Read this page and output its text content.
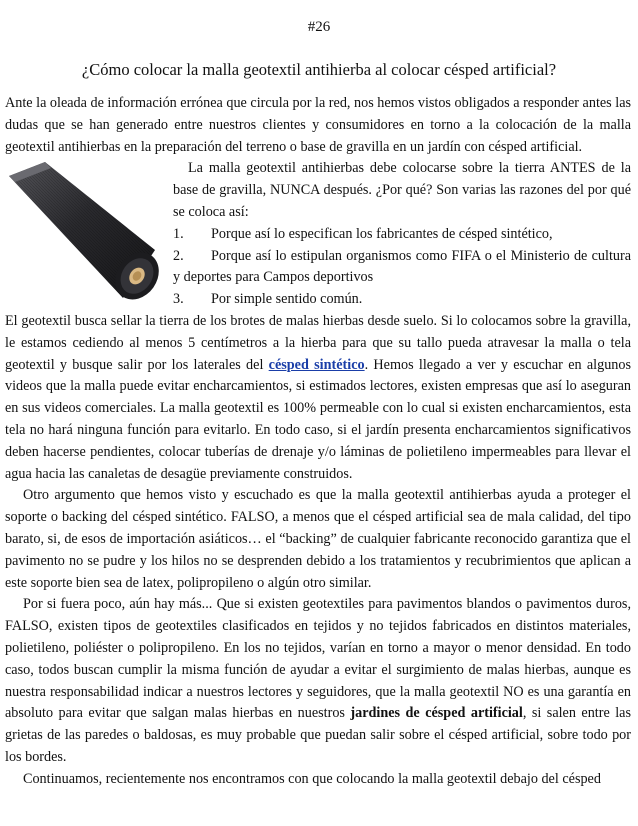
#26
¿Cómo colocar la malla geotextil antihierba al colocar césped artificial?

Ante la oleada de información errónea que circula por la red, nos hemos vistos obligados a responder antes las dudas que se han generado entre nuestros clientes y consumidores en torno a la colocación de la malla geotextil antihierbas en la preparación del terreno o base de gravilla en un jardín con césped artificial.

La malla geotextil antihierbas debe colocarse sobre la tierra ANTES de la base de gravilla, NUNCA después. ¿Por qué? Son varias las razones del por qué se coloca así:

1. Porque así lo especifican los fabricantes de césped sintético,
2. Porque así lo estipulan organismos como FIFA o el Ministerio de cultura y deportes para Campos deportivos
3. Por simple sentido común.

El geotextil busca sellar la tierra de los brotes de malas hierbas desde suelo. Si lo colocamos sobre la gravilla, le estamos cediendo al menos 5 centímetros a la hierba para que su tallo pueda atravesar la malla o tela geotextil y busque salir por los laterales del césped sintético. Hemos llegado a ver y escuchar en algunos videos que la malla puede evitar encharcamientos, si estimados lectores, existen empresas que así lo aseguran en sus videos comerciales. La malla geotextil es 100% permeable con lo cual si existen encharcamientos, esta tela no hará ninguna función para evitarlo. En todo caso, si el jardín presenta encharcamientos significativos deben hacerse pendientes, colocar tuberías de drenaje y/o láminas de polietileno impermeables para llevar el agua hacia las canaletas de desagüe previamente construidos.

Otro argumento que hemos visto y escuchado es que la malla geotextil antihierbas ayuda a proteger el soporte o backing del césped sintético. FALSO, a menos que el césped artificial sea de mala calidad, del tipo barato, si, de esos de importación asiáticos… el “backing” de cualquier fabricante reconocido garantiza que el pavimento no se pudre y los hilos no se desprenden debido a los tratamientos y recubrimientos que aplican a este soporte bien sea de latex, polipropileno o algún otro similar.

Por si fuera poco, aún hay más... Que si existen geotextiles para pavimentos blandos o pavimentos duros, FALSO, existen tipos de geotextiles clasificados en tejidos y no tejidos fabricados en distintos materiales, polietileno, poliéster o polipropileno. En los no tejidos, varían en torno a mayor o menor densidad. En todo caso, todos buscan cumplir la misma función de ayudar a evitar el surgimiento de malas hierbas, aunque es nuestra responsabilidad indicar a nuestros lectores y seguidores, que la malla geotextil NO es una garantía en absoluto para evitar que salgan malas hierbas en nuestros jardines de césped artificial, si salen entre las grietas de las paredes o baldosas, es muy probable que puedan salir sobre el césped artificial, sobre todo por los bordes.

Continuamos, recientemente nos encontramos con que colocando la malla geotextil debajo del césped
